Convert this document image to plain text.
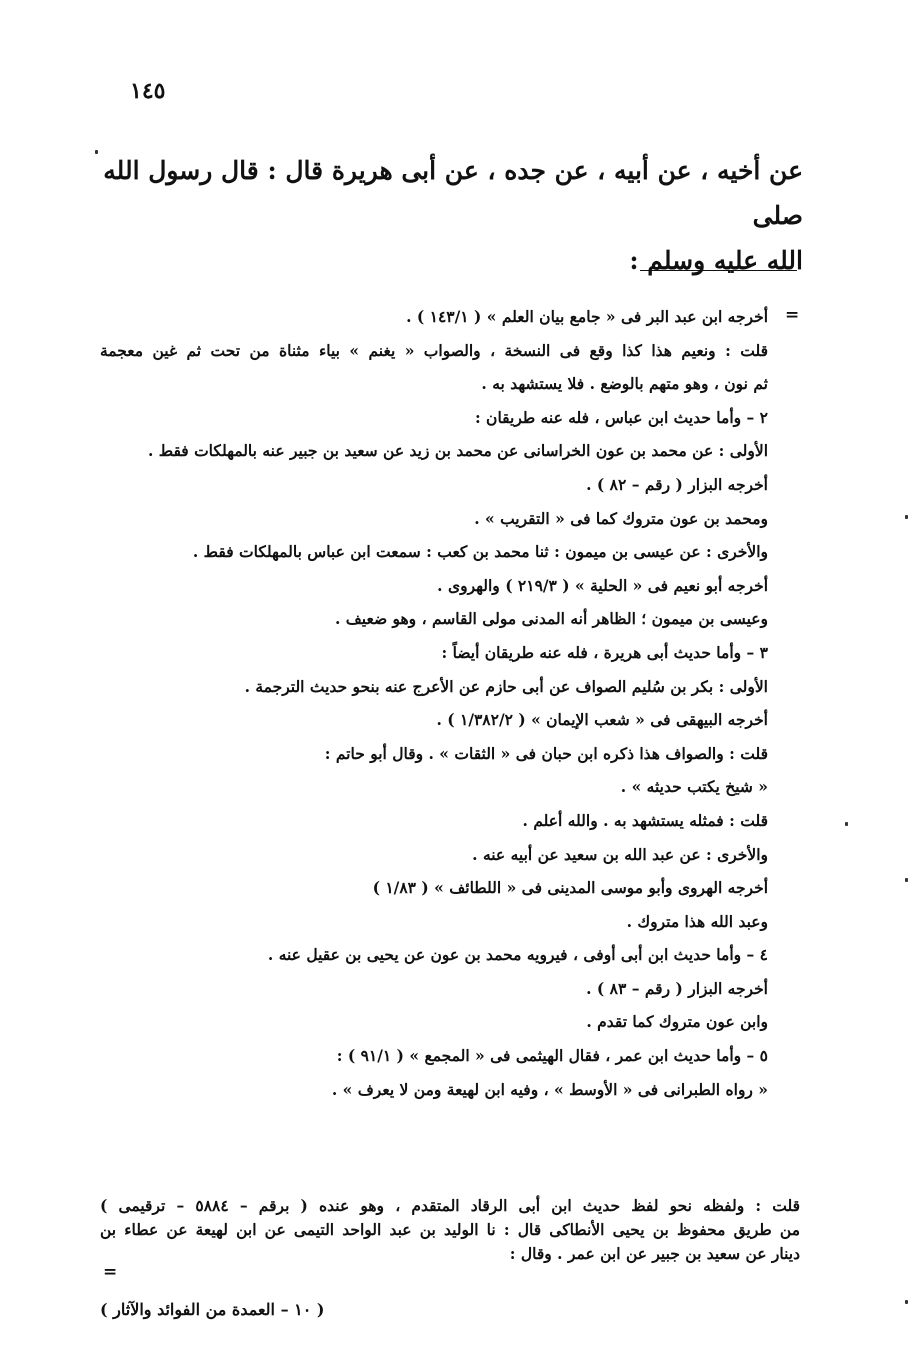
١٤٥
عن أخيه ، عن أبيه ، عن جده ، عن أبى هريرة قال : قال رسول الله صلى
الله عليه وسلم :
=
أخرجه ابن عبد البر فى « جامع بيان العلم » ( ١٤٣/١ ) .
قلت : ونعيم هذا كذا وقع فى النسخة ، والصواب « يغنم » بياء مثناة من تحت ثم غين معجمة
ثم نون ، وهو متهم بالوضع . فلا يستشهد به .
٢ – وأما حديث ابن عباس ، فله عنه طريقان :
الأولى : عن محمد بن عون الخراسانى عن محمد بن زيد عن سعيد بن جبير عنه بالمهلكات فقط .
أخرجه البزار ( رقم – ٨٢ ) .
ومحمد بن عون متروك كما فى « التقريب » .
والأخرى : عن عيسى بن ميمون : ثنا محمد بن كعب : سمعت ابن عباس بالمهلكات فقط .
أخرجه أبو نعيم فى « الحلية » ( ٢١٩/٣ ) والهروى .
وعيسى بن ميمون ؛ الظاهر أنه المدنى مولى القاسم ، وهو ضعيف .
٣ – وأما حديث أبى هريرة ، فله عنه طريقان أيضاً :
الأولى : بكر بن سُليم الصواف عن أبى حازم عن الأعرج عنه بنحو حديث الترجمة .
أخرجه البيهقى فى « شعب الإيمان » ( ١/٣٨٢/٢ ) .
قلت : والصواف هذا ذكره ابن حبان فى « الثقات » . وقال أبو حاتم :
« شيخ يكتب حديثه » .
قلت : فمثله يستشهد به . والله أعلم .
والأخرى : عن عبد الله بن سعيد عن أبيه عنه .
أخرجه الهروى وأبو موسى المدينى فى « اللطائف » ( ١/٨٣ )
وعبد الله هذا متروك .
٤ – وأما حديث ابن أبى أوفى ، فيرويه محمد بن عون عن يحيى بن عقيل عنه .
أخرجه البزار ( رقم – ٨٣ ) .
وابن عون متروك كما تقدم .
٥ – وأما حديث ابن عمر ، فقال الهيثمى فى « المجمع » ( ٩١/١ ) :
« رواه الطبرانى فى « الأوسط » ، وفيه ابن لهيعة ومن لا يعرف » .
قلت : ولفظه نحو لفظ حديث ابن أبى الرقاد المتقدم ، وهو عنده ( برقم – ٥٨٨٤ – ترقيمى )
من طريق محفوظ بن يحيى الأنطاكى قال : نا الوليد بن عبد الواحد التيمى عن ابن لهيعة عن عطاء بن
دينار عن سعيد بن جبير عن ابن عمر . وقال :
=
( ١٠ – العمدة من الفوائد والآثار )
